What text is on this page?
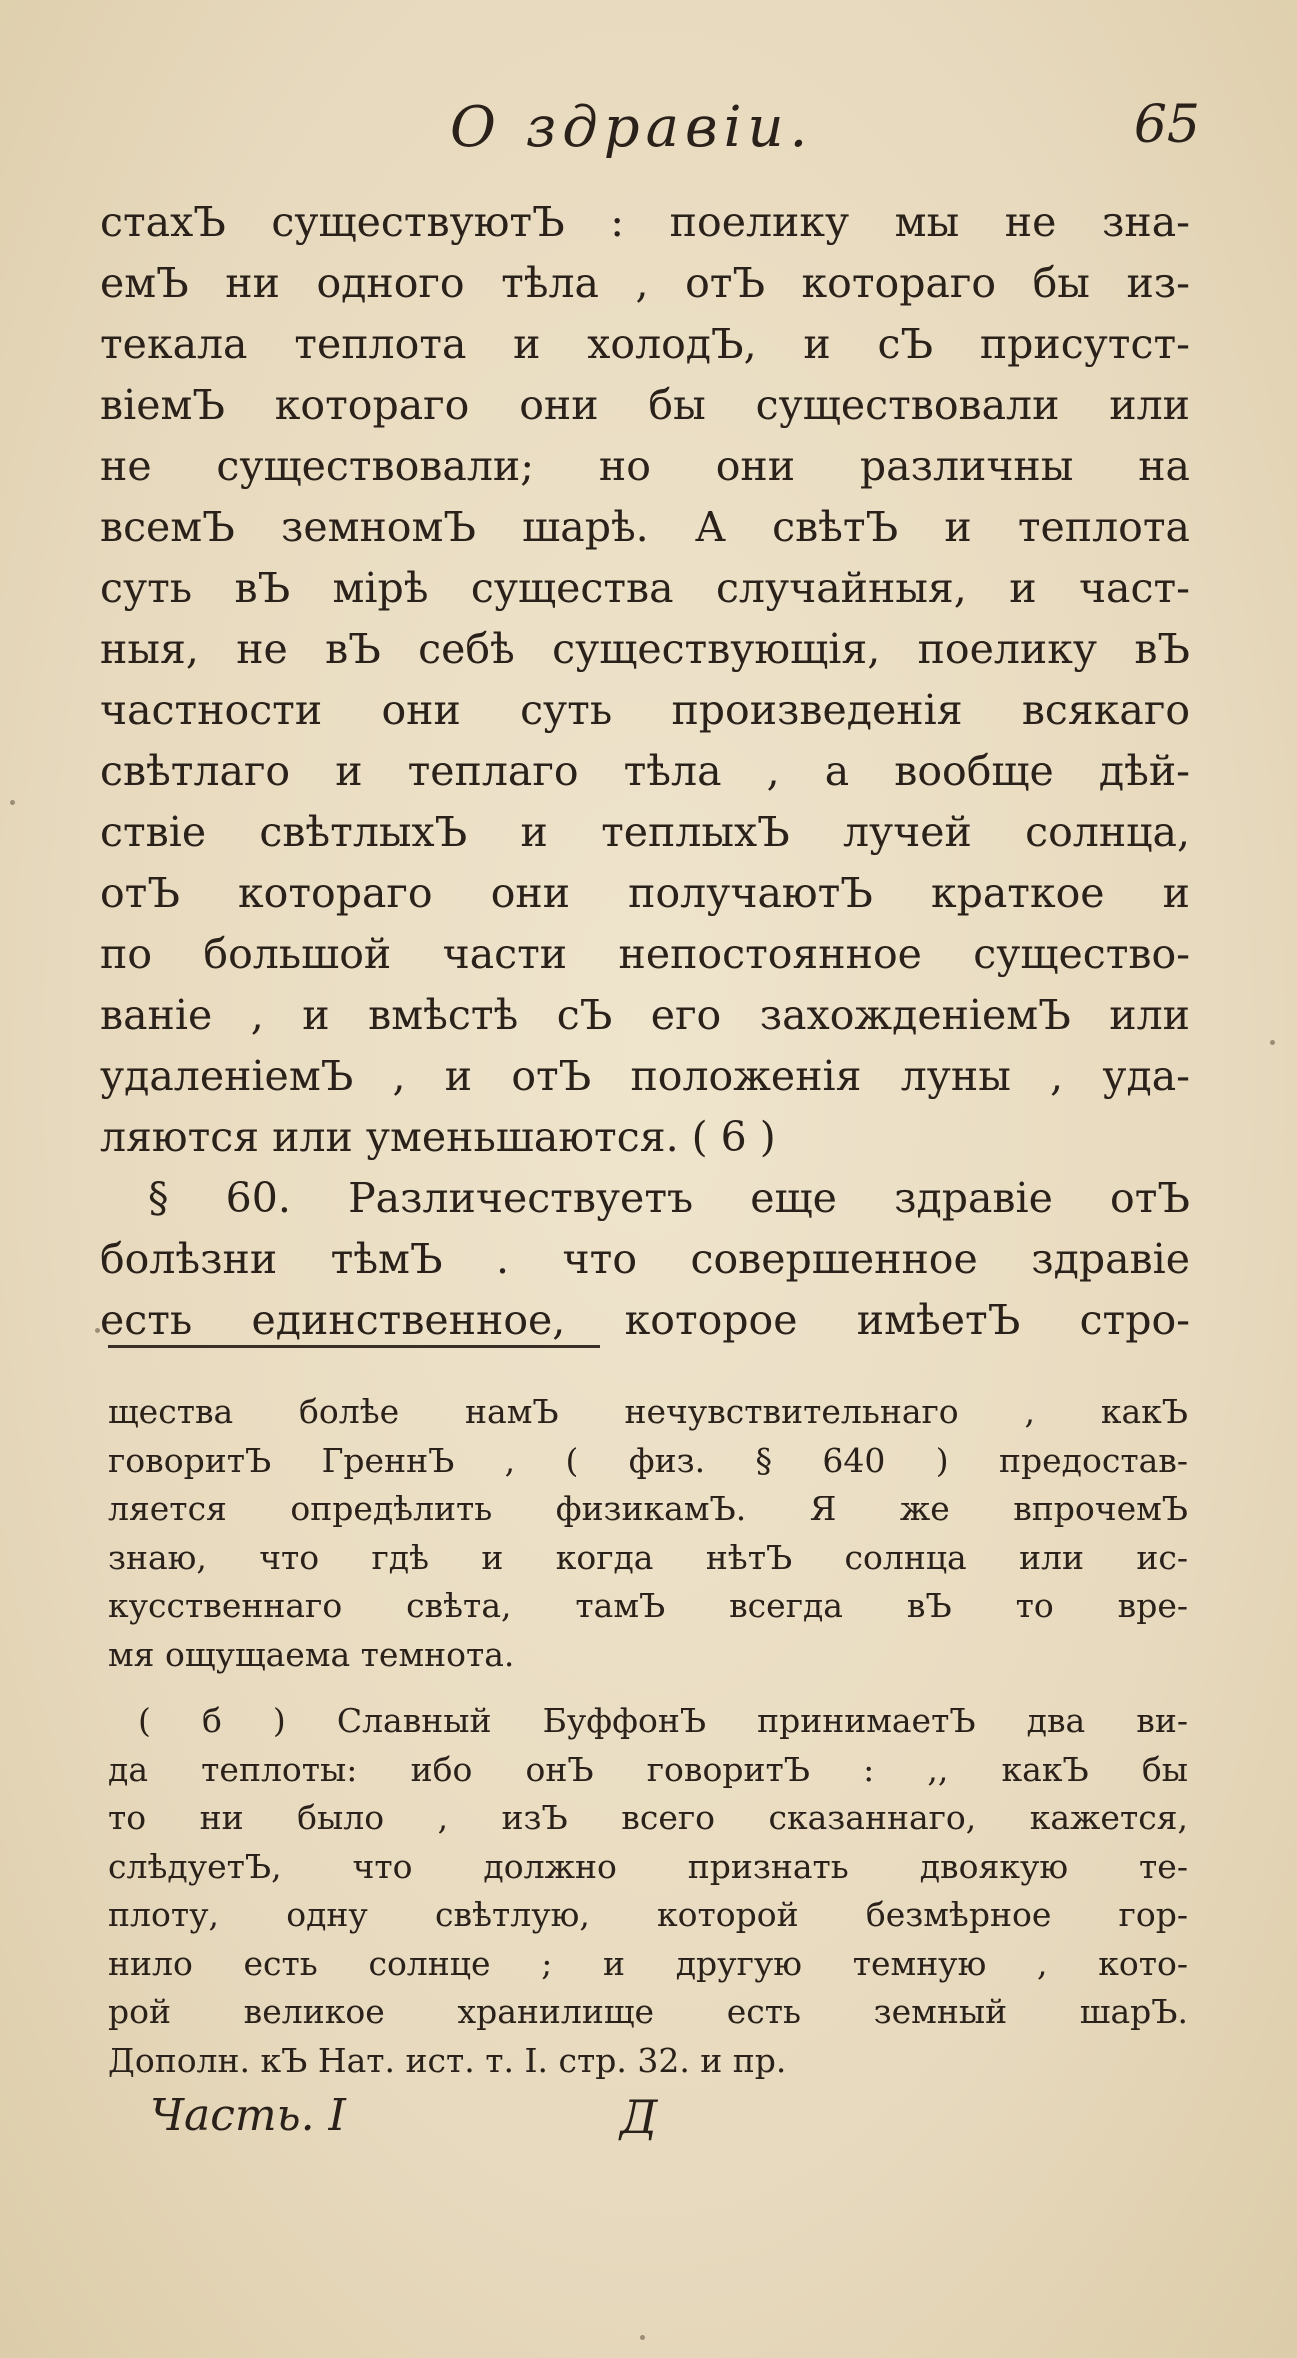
О здравіи.	65
стахЪ существуютЪ : поелику мы не зна-
емЪ ни одного тѣла , отЪ котораго бы из-
текала теплота и холодЪ, и сЪ присутст-
віемЪ котораго они бы существовали или
не существовали; но они различны на
всемЪ земномЪ шарѣ. А свѣтЪ и теплота
суть вЪ мірѣ существа случайныя, и част-
ныя, не вЪ себѣ существующія, поелику вЪ
частности они суть произведенія всякаго
свѣтлаго и теплаго тѣла , а вообще дѣй-
ствіе свѣтлыхЪ и теплыхЪ лучей солнца,
отЪ котораго они получаютЪ краткое и
по большой части непостоянное существо-
ваніе , и вмѣстѣ сЪ его захожденіемЪ или
удаленіемЪ , и отЪ положенія луны , уда-
ляются или уменьшаются. ( 6 )
§ 60. Различествуетъ еще здравіе отЪ
болѣзни тѣмЪ . что совершенное здравіе
есть единственное, которое имѣетЪ стро-
щества болѣе намЪ нечувствительнаго , какЪ
говоритЪ ГреннЪ , ( физ. § 640 ) предостав-
ляется опредѣлить физикамЪ. Я же впрочемЪ
знаю, что гдѣ и когда нѣтЪ солнца или ис-
кусственнаго свѣта, тамЪ всегда вЪ то вре-
мя ощущаема темнота.
( б ) Славный БуффонЪ принимаетЪ два ви-
да теплоты: ибо онЪ говоритЪ : ,, какЪ бы
то ни было , изЪ всего сказаннаго, кажется,
слѣдуетЪ, что должно признать двоякую те-
плоту, одну свѣтлую, которой безмѣрное гор-
нило есть солнце ; и другую темную , кото-
рой великое хранилище есть земный шарЪ.
Дополн. кЪ Нат. ист. т. I. стр. 32. и пр.
Часть. I	Д
